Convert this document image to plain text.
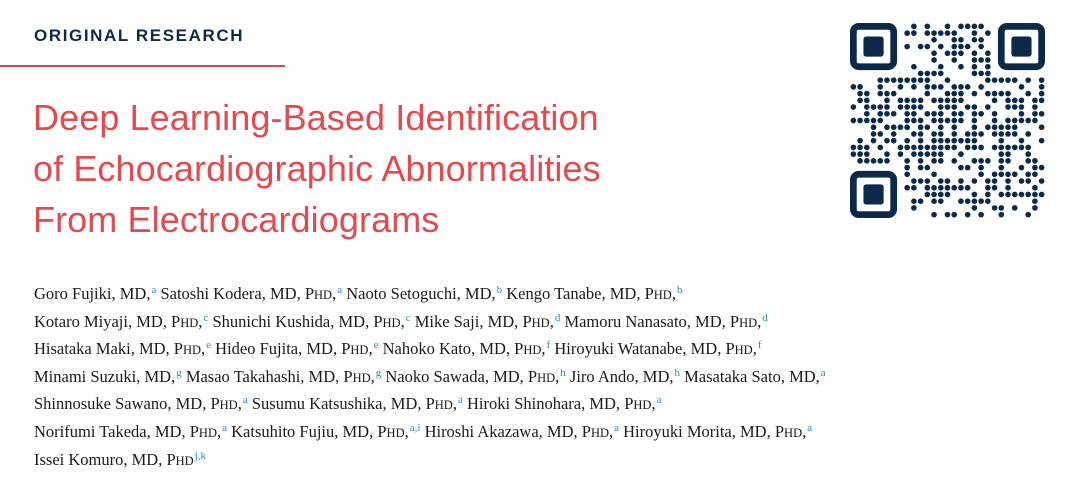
ORIGINAL RESEARCH
Deep Learning-Based Identification
of Echocardiographic Abnormalities
From Electrocardiograms
Goro Fujiki, MD,$^a$ Satoshi Kodera, MD, PHD,$^a$ Naoto Setoguchi, MD,$^b$ Kengo Tanabe, MD, PHD,$^b$
Kotaro Miyaji, MD, PHD,$^c$ Shunichi Kushida, MD, PHD,$^c$ Mike Saji, MD, PHD,$^d$ Mamoru Nanasato, MD, PHD,$^d$
Hisataka Maki, MD, PHD,$^e$ Hideo Fujita, MD, PHD,$^e$ Nahoko Kato, MD, PHD,$^f$ Hiroyuki Watanabe, MD, PHD,$^f$
Minami Suzuki, MD,$^g$ Masao Takahashi, MD, PHD,$^g$ Naoko Sawada, MD, PHD,$^h$ Jiro Ando, MD,$^h$ Masataka Sato, MD,$^a$
Shinnosuke Sawano, MD, PHD,$^a$ Susumu Katsushika, MD, PHD,$^a$ Hiroki Shinohara, MD, PHD,$^a$
Norifumi Takeda, MD, PHD,$^a$ Katsuhito Fujiu, MD, PHD,$^{a,i}$ Hiroshi Akazawa, MD, PHD,$^a$ Hiroyuki Morita, MD, PHD,$^a$
Issei Komuro, MD, PHD$^{j,k}$
